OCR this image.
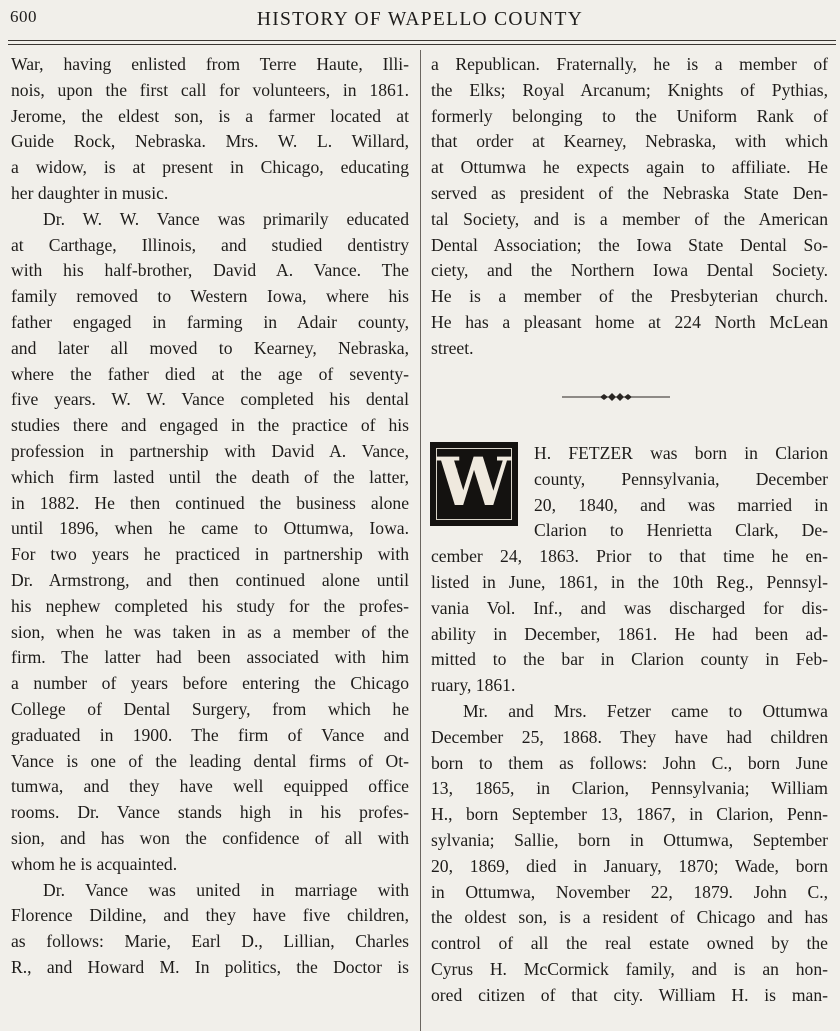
600	HISTORY OF WAPELLO COUNTY
War, having enlisted from Terre Haute, Illi-
nois, upon the first call for volunteers, in 1861.
Jerome, the eldest son, is a farmer located at
Guide Rock, Nebraska. Mrs. W. L. Willard,
a widow, is at present in Chicago, educating
her daughter in music.
Dr. W. W. Vance was primarily educated
at Carthage, Illinois, and studied dentistry
with his half-brother, David A. Vance. The
family removed to Western Iowa, where his
father engaged in farming in Adair county,
and later all moved to Kearney, Nebraska,
where the father died at the age of seventy-
five years. W. W. Vance completed his dental
studies there and engaged in the practice of his
profession in partnership with David A. Vance,
which firm lasted until the death of the latter,
in 1882. He then continued the business alone
until 1896, when he came to Ottumwa, Iowa.
For two years he practiced in partnership with
Dr. Armstrong, and then continued alone until
his nephew completed his study for the profes-
sion, when he was taken in as a member of the
firm. The latter had been associated with him
a number of years before entering the Chicago
College of Dental Surgery, from which he
graduated in 1900. The firm of Vance and
Vance is one of the leading dental firms of Ot-
tumwa, and they have well equipped office
rooms. Dr. Vance stands high in his profes-
sion, and has won the confidence of all with
whom he is acquainted.
Dr. Vance was united in marriage with
Florence Dildine, and they have five children,
as follows: Marie, Earl D., Lillian, Charles
R., and Howard M. In politics, the Doctor is
a Republican. Fraternally, he is a member of
the Elks; Royal Arcanum; Knights of Pythias,
formerly belonging to the Uniform Rank of
that order at Kearney, Nebraska, with which
at Ottumwa he expects again to affiliate. He
served as president of the Nebraska State Den-
tal Society, and is a member of the American
Dental Association; the Iowa State Dental So-
ciety, and the Northern Iowa Dental Society.
He is a member of the Presbyterian church.
He has a pleasant home at 224 North McLean
street.
W	H. FETZER was born in Clarion
county, Pennsylvania, December
20, 1840, and was married in
Clarion to Henrietta Clark, De-
cember 24, 1863. Prior to that time he en-
listed in June, 1861, in the 10th Reg., Pennsyl-
vania Vol. Inf., and was discharged for dis-
ability in December, 1861. He had been ad-
mitted to the bar in Clarion county in Feb-
ruary, 1861.
Mr. and Mrs. Fetzer came to Ottumwa
December 25, 1868. They have had children
born to them as follows: John C., born June
13, 1865, in Clarion, Pennsylvania; William
H., born September 13, 1867, in Clarion, Penn-
sylvania; Sallie, born in Ottumwa, September
20, 1869, died in January, 1870; Wade, born
in Ottumwa, November 22, 1879. John C.,
the oldest son, is a resident of Chicago and has
control of all the real estate owned by the
Cyrus H. McCormick family, and is an hon-
ored citizen of that city. William H. is man-
